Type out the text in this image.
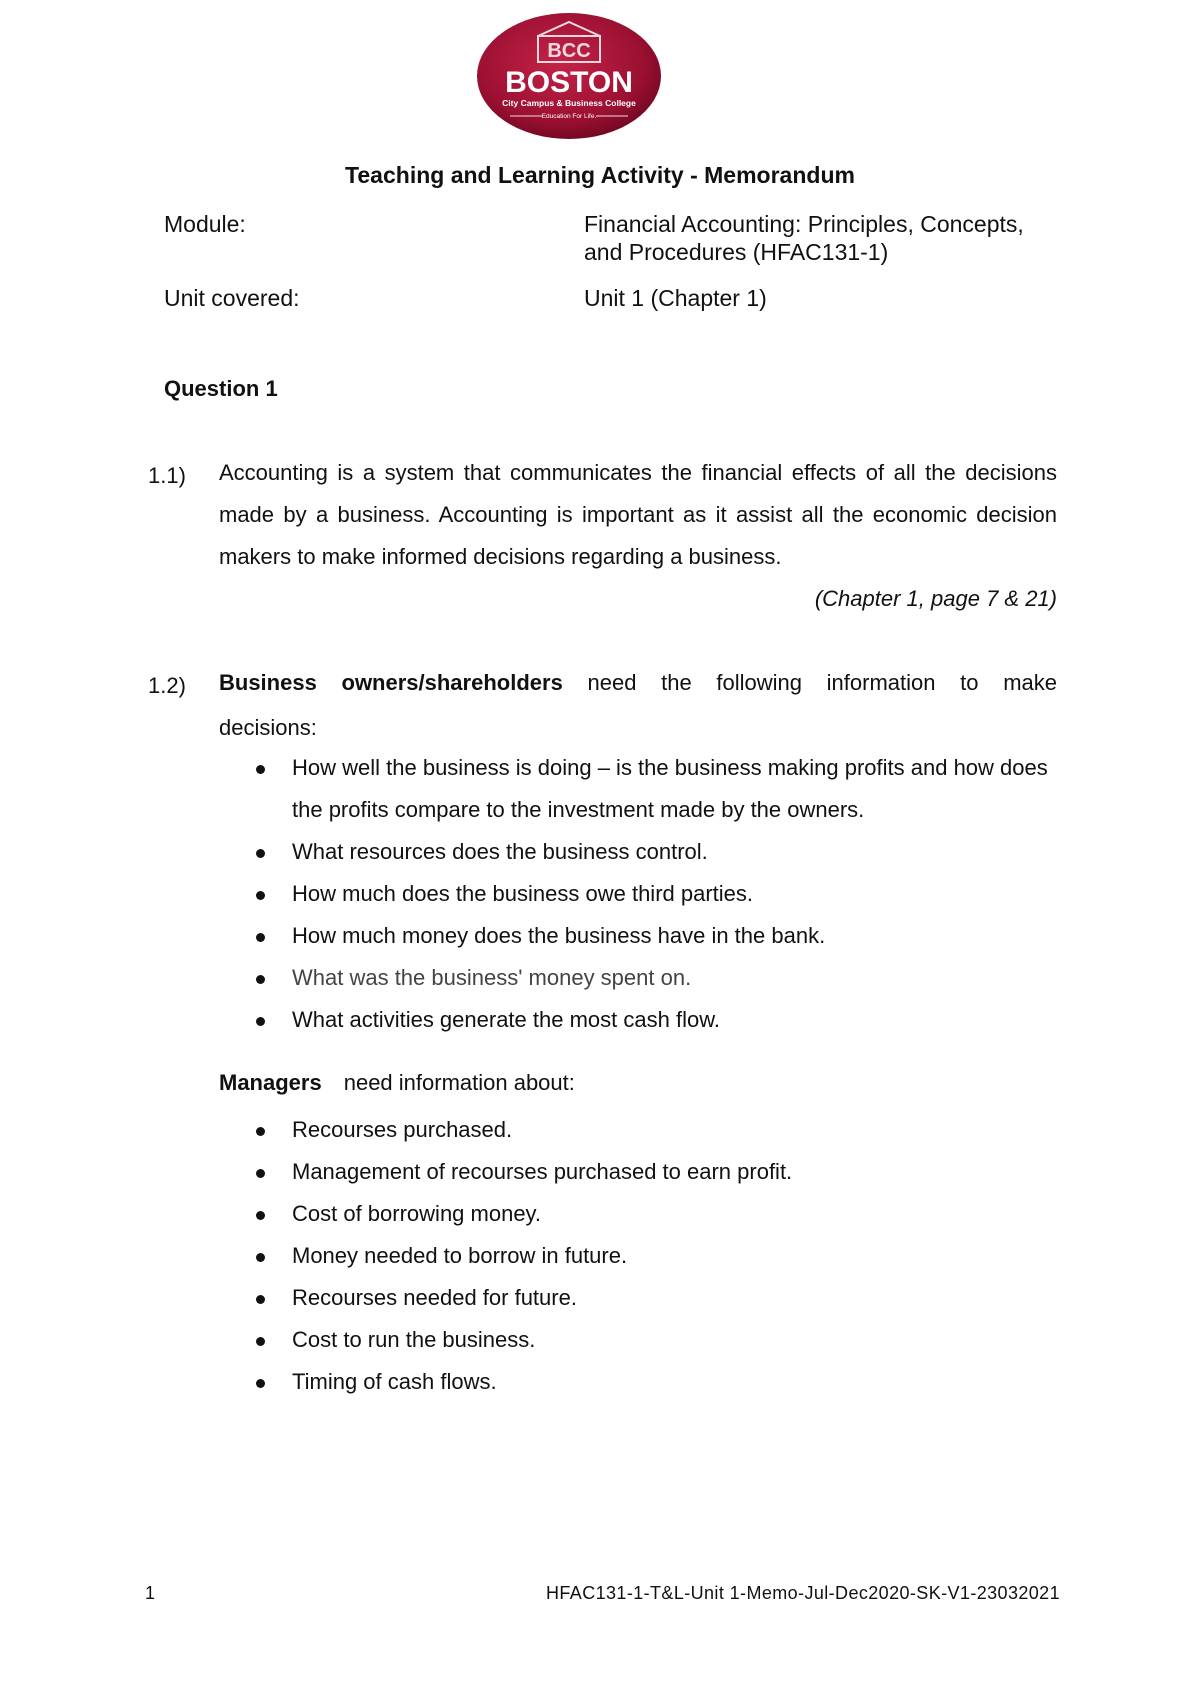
BCC
BOSTON
City Campus & Business College
Education For Life.
Teaching and Learning Activity - Memorandum
Module:	Financial Accounting: Principles, Concepts,
and Procedures (HFAC131-1)
Unit covered:	Unit 1 (Chapter 1)
Question 1
1.1) Accounting is a system that communicates the financial effects of all the decisions made by a business. Accounting is important as it assist all the economic decision makers to make informed decisions regarding a business.

(Chapter 1, page 7 & 21)
1.2) Business owners/shareholders need the following information to make

decisions:
How well the business is doing – is the business making profits and how does the profits compare to the investment made by the owners.
What resources does the business control.
How much does the business owe third parties.
How much money does the business have in the bank.
What was the business' money spent on.
What activities generate the most cash flow.
Managers need information about:
Recourses purchased.
Management of recourses purchased to earn profit.
Cost of borrowing money.
Money needed to borrow in future.
Recourses needed for future.
Cost to run the business.
Timing of cash flows.
1	HFAC131-1-T&L-Unit 1-Memo-Jul-Dec2020-SK-V1-23032021
